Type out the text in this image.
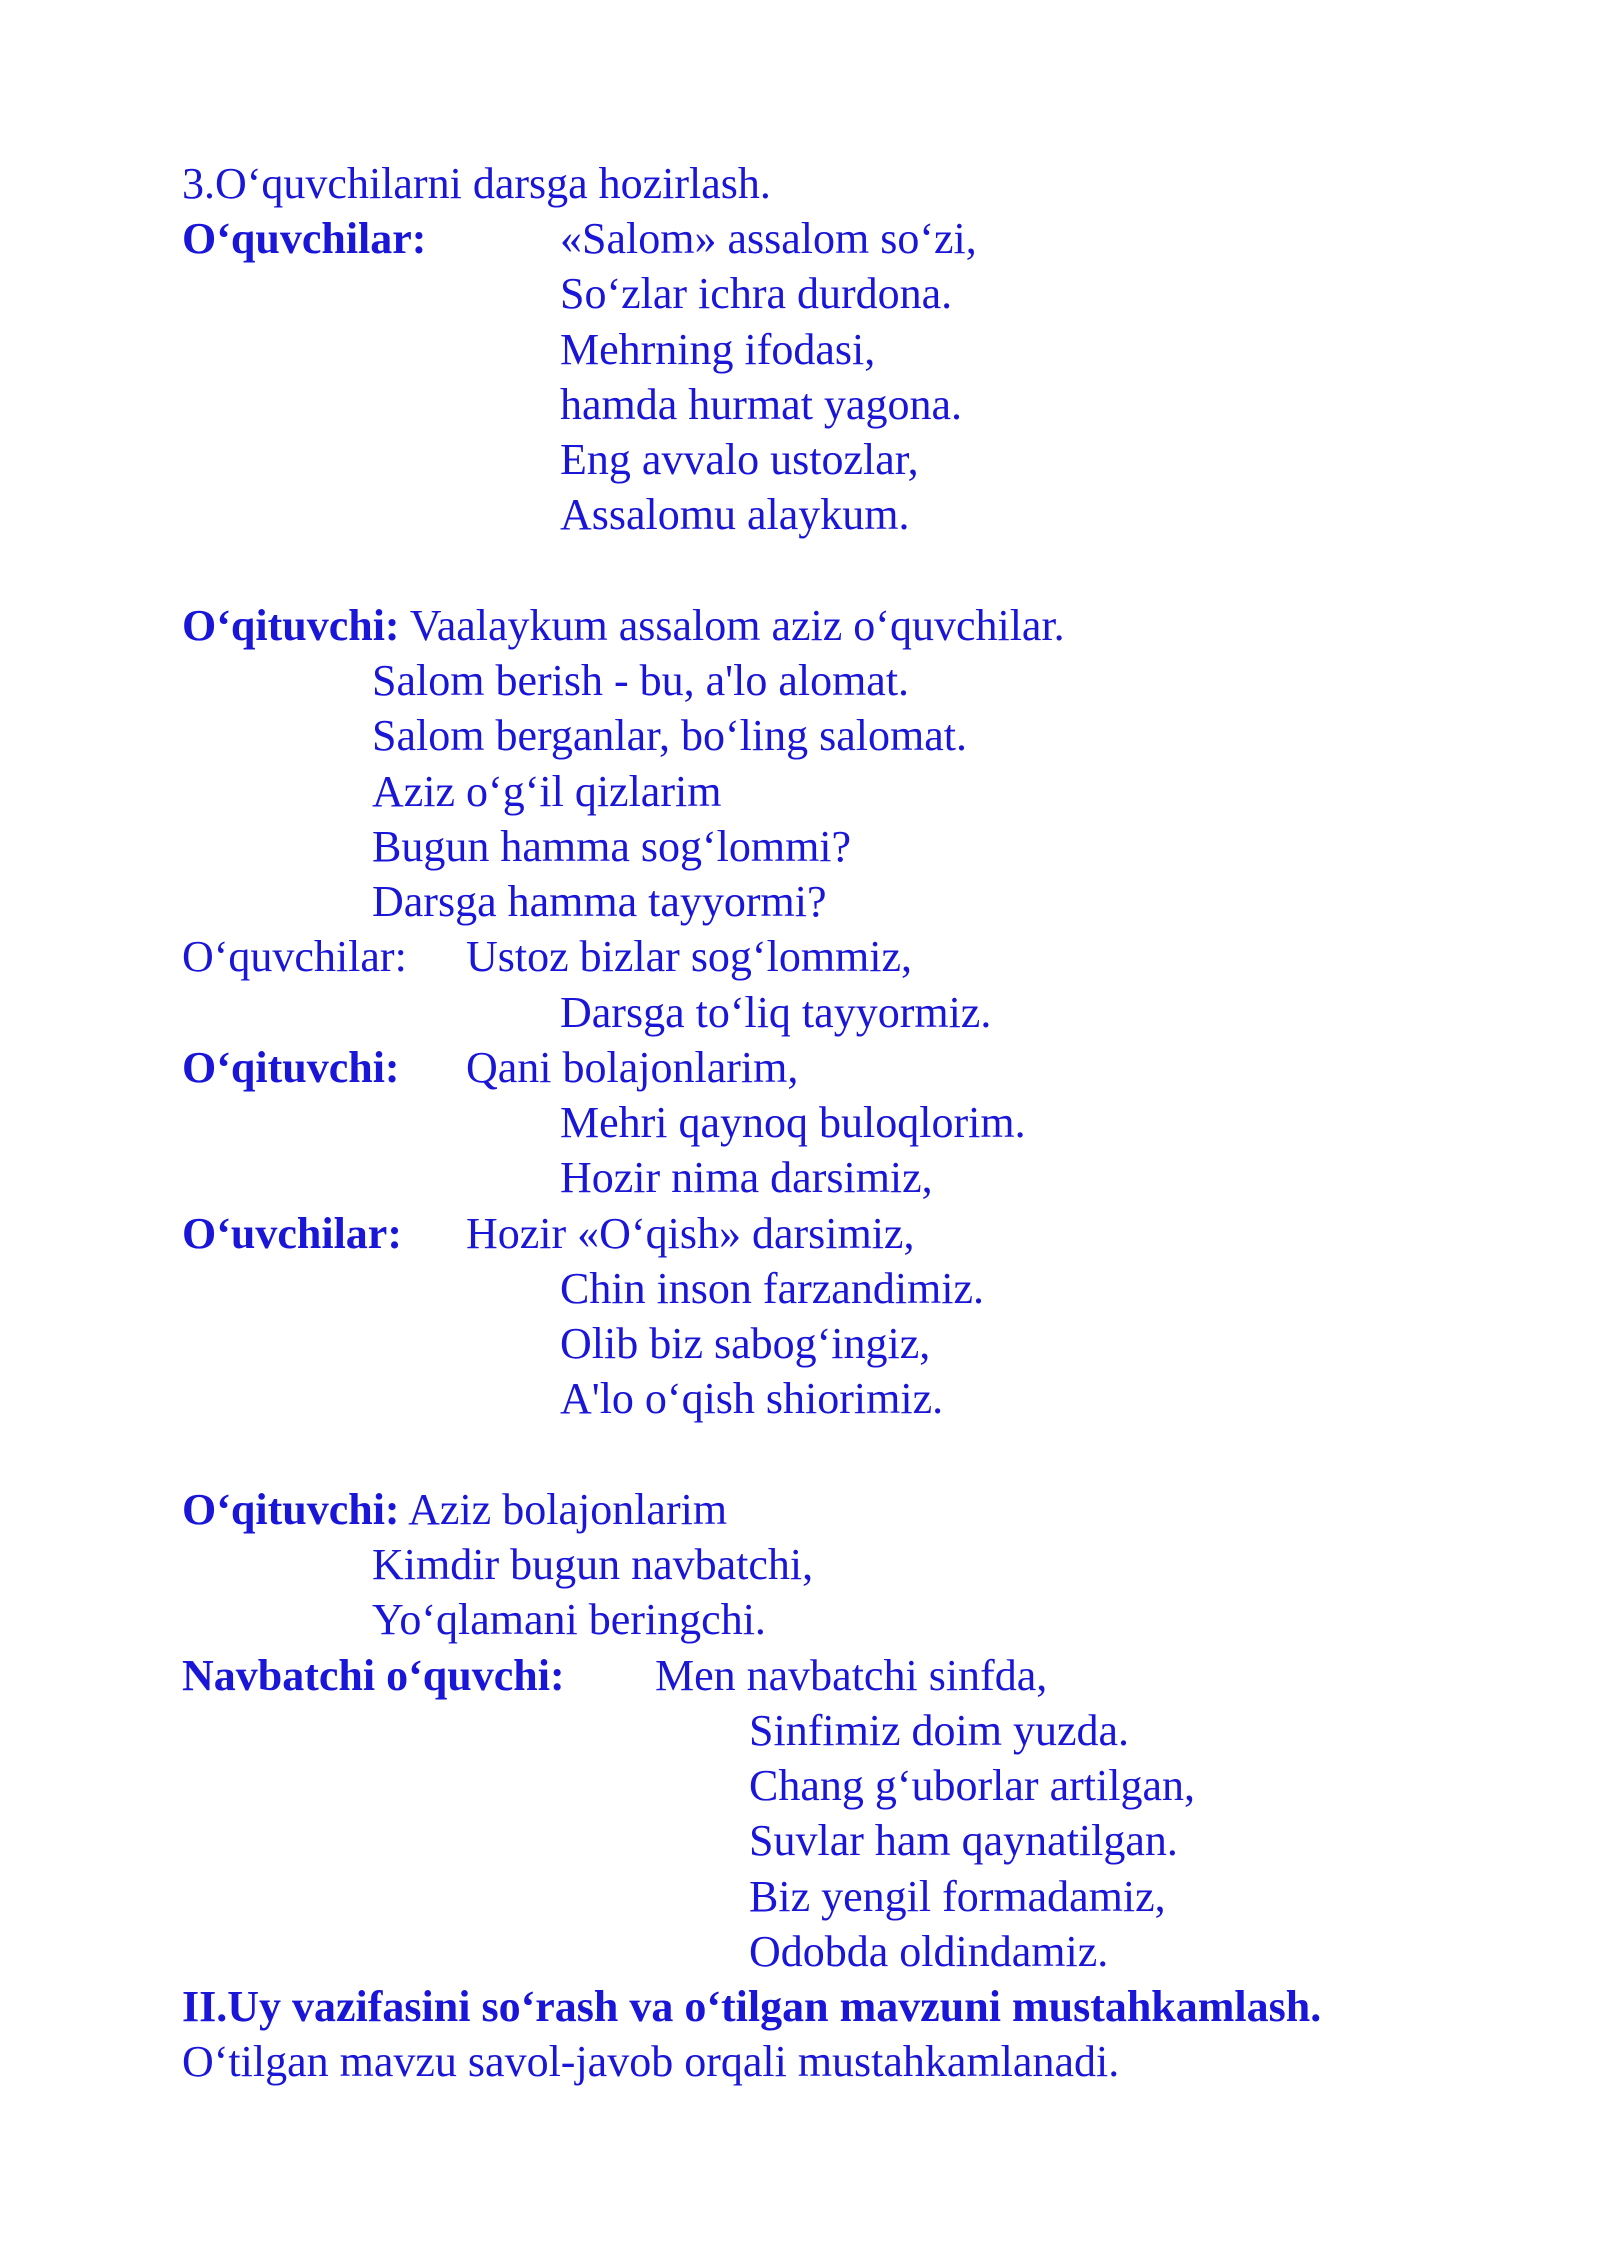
3.O‘quvchilarni darsga hozirlash.
O‘quvchilar:	«Salom» assalom so‘zi,
So‘zlar ichra durdona.
Mehrning ifodasi,
hamda hurmat yagona.
Eng avvalo ustozlar,
Assalomu alaykum.
O‘qituvchi: Vaalaykum assalom aziz o‘quvchilar.
Salom berish - bu, a'lo alomat.
Salom berganlar, bo‘ling salomat.
Aziz o‘g‘il qizlarim
Bugun hamma sog‘lommi?
Darsga hamma tayyormi?
O‘quvchilar: Ustoz bizlar sog‘lommiz,
Darsga to‘liq tayyormiz.
O‘qituvchi: Qani bolajonlarim,
Mehri qaynoq buloqlorim.
Hozir nima darsimiz,
O‘uvchilar: Hozir «O‘qish» darsimiz,
Chin inson farzandimiz.
Olib biz sabog‘ingiz,
A'lo o‘qish shiorimiz.
O‘qituvchi: Aziz bolajonlarim
Kimdir bugun navbatchi,
Yo‘qlamani beringchi.
Navbatchi o‘quvchi: Men navbatchi sinfda,
Sinfimiz doim yuzda.
Chang g‘uborlar artilgan,
Suvlar ham qaynatilgan.
Biz yengil formadamiz,
Odobda oldindamiz.
II.Uy vazifasini so‘rash va o‘tilgan mavzuni mustahkamlash.
O‘tilgan mavzu savol-javob orqali mustahkamlanadi.
